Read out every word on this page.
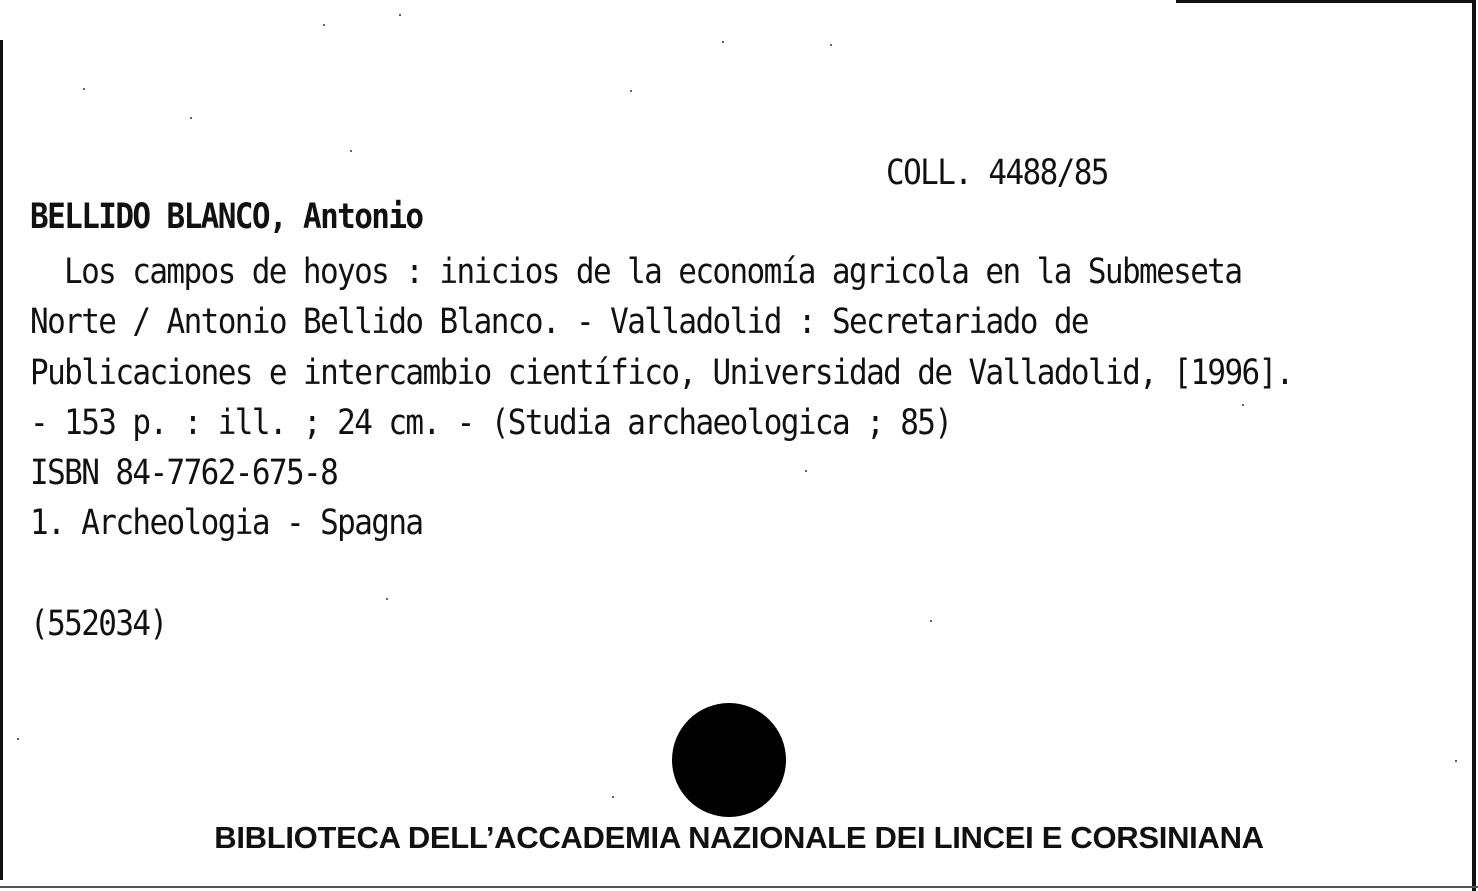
COLL. 4488/85
BELLIDO BLANCO, Antonio
Los campos de hoyos : inicios de la economía agricola en la Submeseta
Norte / Antonio Bellido Blanco. - Valladolid : Secretariado de
Publicaciones e intercambio científico, Universidad de Valladolid, [1996].
- 153 p. : ill. ; 24 cm. - (Studia archaeologica ; 85)
ISBN 84-7762-675-8
1. Archeologia - Spagna
(552034)
BIBLIOTECA DELL’ACCADEMIA NAZIONALE DEI LINCEI E CORSINIANA
